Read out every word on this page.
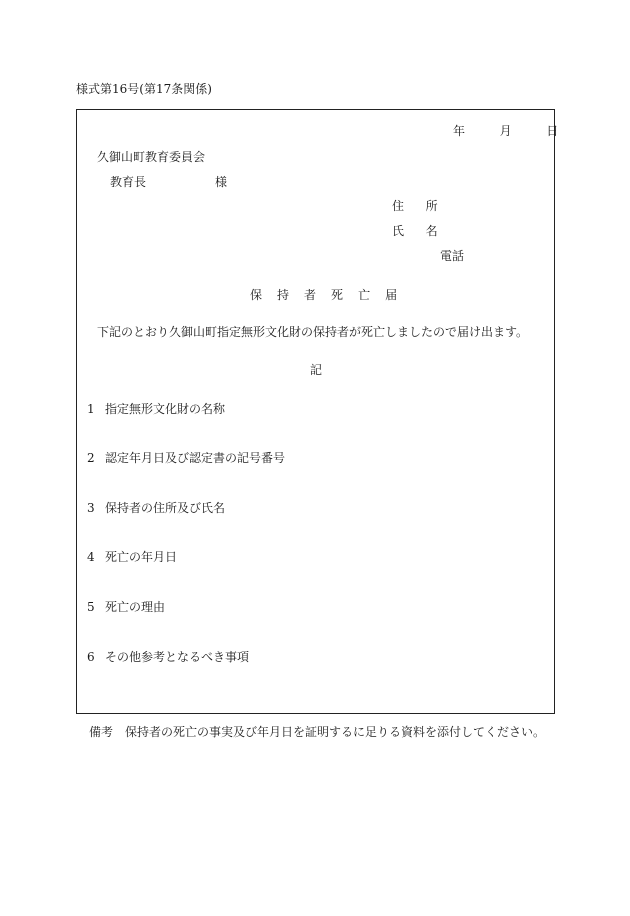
様式第16号(第17条関係)
年	月	日
久御山町教育委員会
教育長	様
住 所
氏 名
電話
保 持 者 死 亡 届
下記のとおり久御山町指定無形文化財の保持者が死亡しましたので届け出ます。
記
1 指定無形文化財の名称
2 認定年月日及び認定書の記号番号
3 保持者の住所及び氏名
4 死亡の年月日
5 死亡の理由
6 その他参考となるべき事項
備考　保持者の死亡の事実及び年月日を証明するに足りる資料を添付してください。
